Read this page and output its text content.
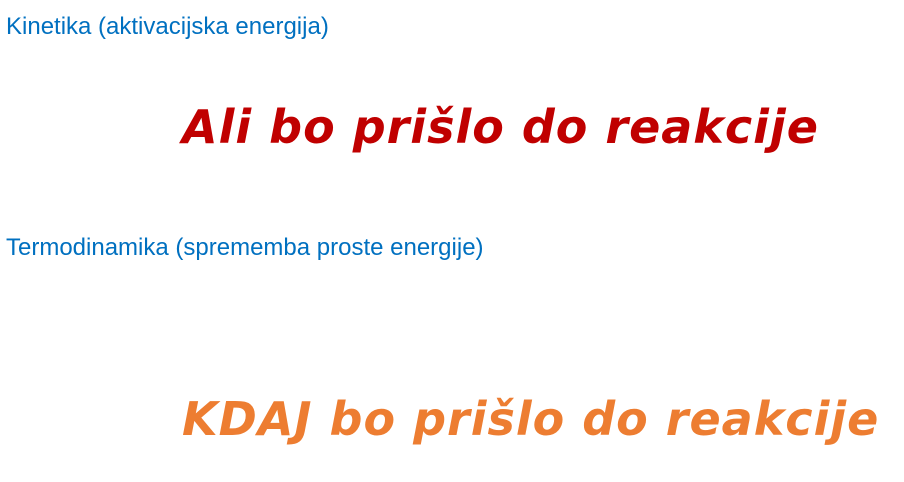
Kinetika (aktivacijska energija)
Ali bo prišlo do reakcije
Termodinamika (sprememba proste energije)
KDAJ bo prišlo do reakcije
